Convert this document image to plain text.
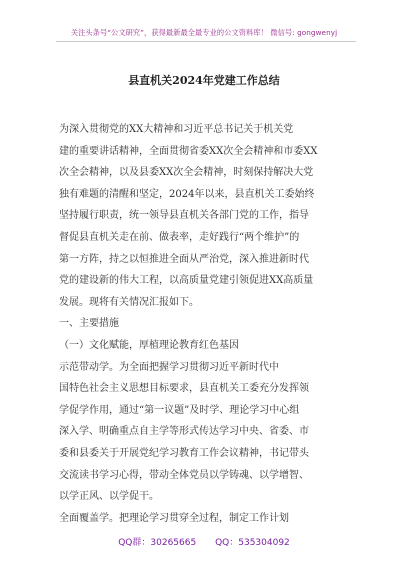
关注头条号“公文研究”，获得最新最全最专业的公文资料库！ 微信号: gongwenyj
县直机关2024年党建工作总结
为深入贯彻党的XX大精神和习近平总书记关于机关党
建的重要讲话精神，全面贯彻省委XX次全会精神和市委XX
次全会精神，以及县委XX次全会精神，时刻保持解决大党
独有难题的清醒和坚定，2024年以来，县直机关工委始终
坚持履行职责，统一领导县直机关各部门党的工作，指导
督促县直机关走在前、做表率，走好践行“两个维护”的
第一方阵，持之以恒推进全面从严治党，深入推进新时代
党的建设新的伟大工程，以高质量党建引领促进XX高质量
发展。现将有关情况汇报如下。
一、主要措施
（一）文化赋能，厚植理论教育红色基因
示范带动学。为全面把握学习贯彻习近平新时代中
国特色社会主义思想目标要求，县直机关工委充分发挥领
学促学作用，通过“第一议题”及时学、理论学习中心组
深入学、明确重点自主学等形式传达学习中央、省委、市
委和县委关于开展党纪学习教育工作会议精神，书记带头
交流读书学习心得，带动全体党员以学铸魂、以学增智、
以学正风、以学促干。
全面覆盖学。把理论学习贯穿全过程，制定工作计划
QQ群：30265665 QQ：535304092
